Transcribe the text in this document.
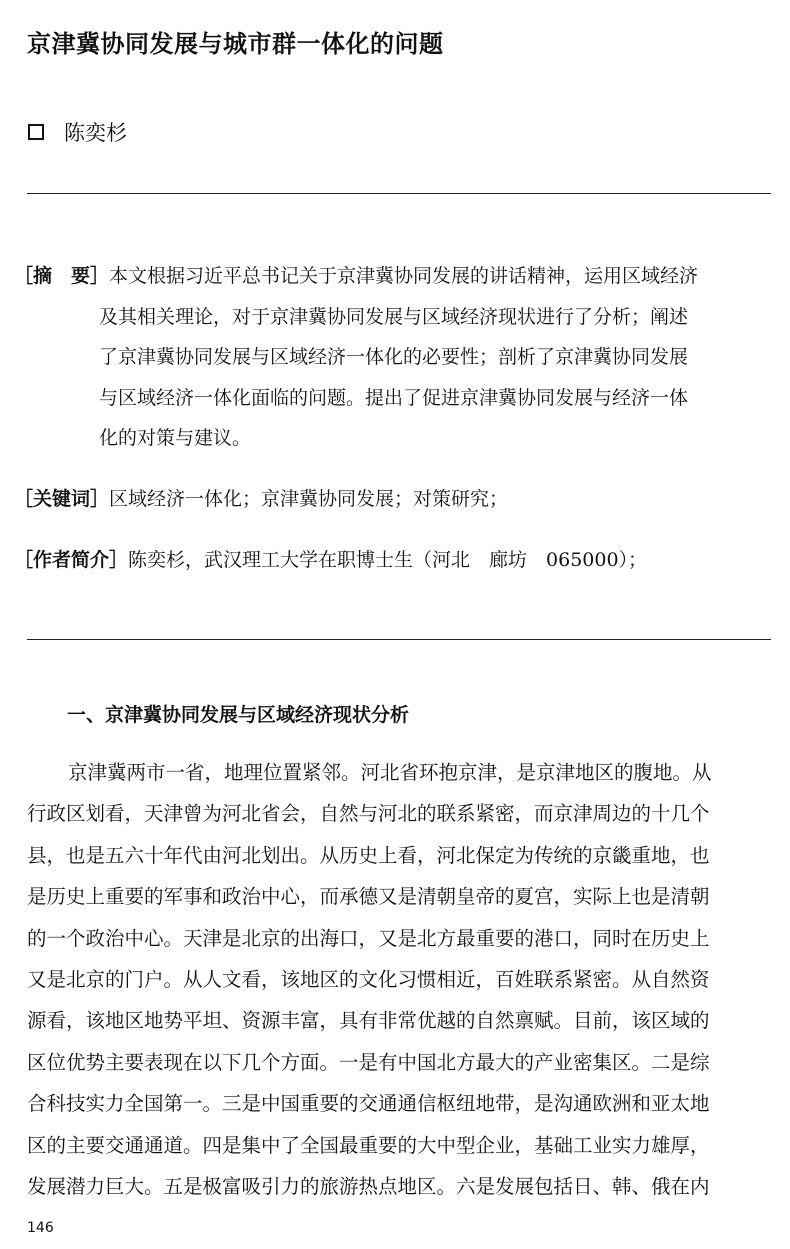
京津冀协同发展与城市群一体化的问题
陈奕杉
［摘　要］本文根据习近平总书记关于京津冀协同发展的讲话精神，运用区域经济
及其相关理论，对于京津冀协同发展与区域经济现状进行了分析；阐述
了京津冀协同发展与区域经济一体化的必要性；剖析了京津冀协同发展
与区域经济一体化面临的问题。提出了促进京津冀协同发展与经济一体
化的对策与建议。
［关键词］区域经济一体化；京津冀协同发展；对策研究；
［作者简介］陈奕杉，武汉理工大学在职博士生（河北　廊坊　065000）；
一、京津冀协同发展与区域经济现状分析
京津冀两市一省，地理位置紧邻。河北省环抱京津，是京津地区的腹地。从
行政区划看，天津曾为河北省会，自然与河北的联系紧密，而京津周边的十几个
县，也是五六十年代由河北划出。从历史上看，河北保定为传统的京畿重地，也
是历史上重要的军事和政治中心，而承德又是清朝皇帝的夏宫，实际上也是清朝
的一个政治中心。天津是北京的出海口，又是北方最重要的港口，同时在历史上
又是北京的门户。从人文看，该地区的文化习惯相近，百姓联系紧密。从自然资
源看，该地区地势平坦、资源丰富，具有非常优越的自然禀赋。目前，该区域的
区位优势主要表现在以下几个方面。一是有中国北方最大的产业密集区。二是综
合科技实力全国第一。三是中国重要的交通通信枢纽地带，是沟通欧洲和亚太地
区的主要交通通道。四是集中了全国最重要的大中型企业，基础工业实力雄厚，
发展潜力巨大。五是极富吸引力的旅游热点地区。六是发展包括日、韩、俄在内
146
